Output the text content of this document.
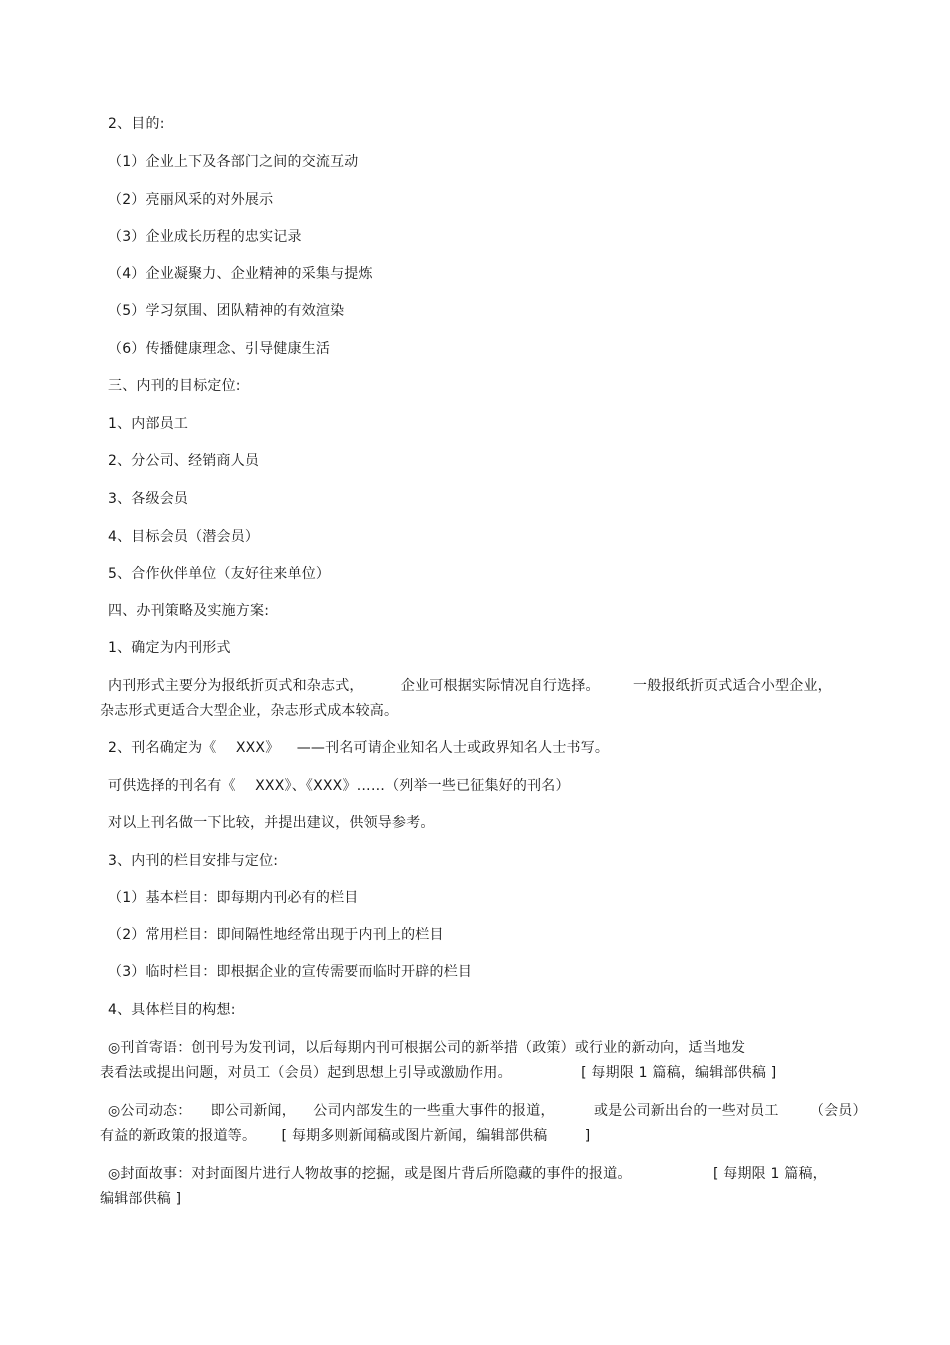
2、目的:
（1）企业上下及各部门之间的交流互动
（2）亮丽风采的对外展示
（3）企业成长历程的忠实记录
（4）企业凝聚力、企业精神的采集与提炼
（5）学习氛围、团队精神的有效渲染
（6）传播健康理念、引导健康生活
三、内刊的目标定位:
1、内部员工
2、分公司、经销商人员
3、各级会员
4、目标会员（潜会员）
5、合作伙伴单位（友好往来单位）
四、办刊策略及实施方案:
1、确定为内刊形式
内刊形式主要分为报纸折页式和杂志式，	企业可根据实际情况自行选择。 一般报纸折页式适合小型企业，
杂志形式更适合大型企业，杂志形式成本较高。
2、刊名确定为《 XXX》 ——刊名可请企业知名人士或政界知名人士书写。
可供选择的刊名有《 XXX》、《XXX》……（列举一些已征集好的刊名）
对以上刊名做一下比较，并提出建议，供领导参考。
3、内刊的栏目安排与定位:
（1）基本栏目：即每期内刊必有的栏目
（2）常用栏目：即间隔性地经常出现于内刊上的栏目
（3）临时栏目：即根据企业的宣传需要而临时开辟的栏目
4、具体栏目的构想:
◎刊首寄语：创刊号为发刊词，以后每期内刊可根据公司的新举措（政策）或行业的新动向，适当地发
表看法或提出问题，对员工（会员）起到思想上引导或激励作用。	[ 每期限 1 篇稿，编辑部供稿 ]
◎公司动态： 即公司新闻， 公司内部发生的一些重大事件的报道，	或是公司新出台的一些对员工 （会员）
有益的新政策的报道等。 [ 每期多则新闻稿或图片新闻，编辑部供稿	]
◎封面故事：对封面图片进行人物故事的挖掘，或是图片背后所隐藏的事件的报道。	[ 每期限 1 篇稿，
编辑部供稿 ]
